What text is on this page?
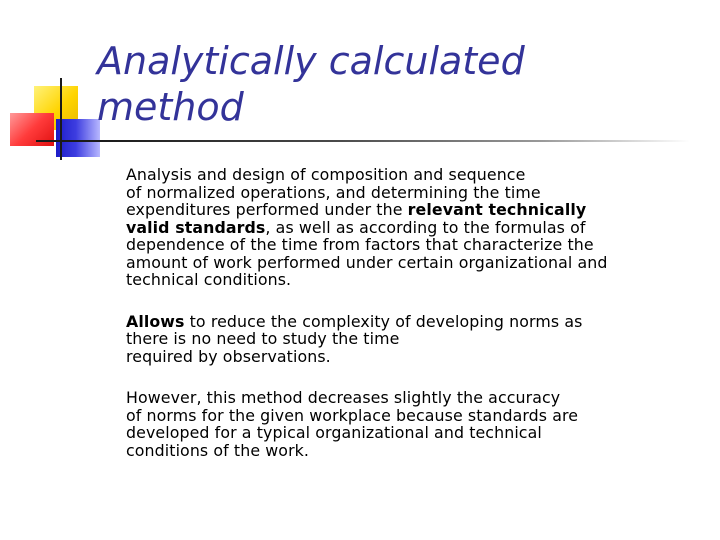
Analytically calculated
method

Analysis and design of composition and sequence
of normalized operations, and determining the time
expenditures performed under the relevant technically
valid standards, as well as according to the formulas of
dependence of the time from factors that characterize the
amount of work performed under certain organizational and
technical conditions.

Allows to reduce the complexity of developing norms as
there is no need to study the time
required by observations.

However, this method decreases slightly the accuracy
of norms for the given workplace because standards are
developed for a typical organizational and technical
conditions of the work.
